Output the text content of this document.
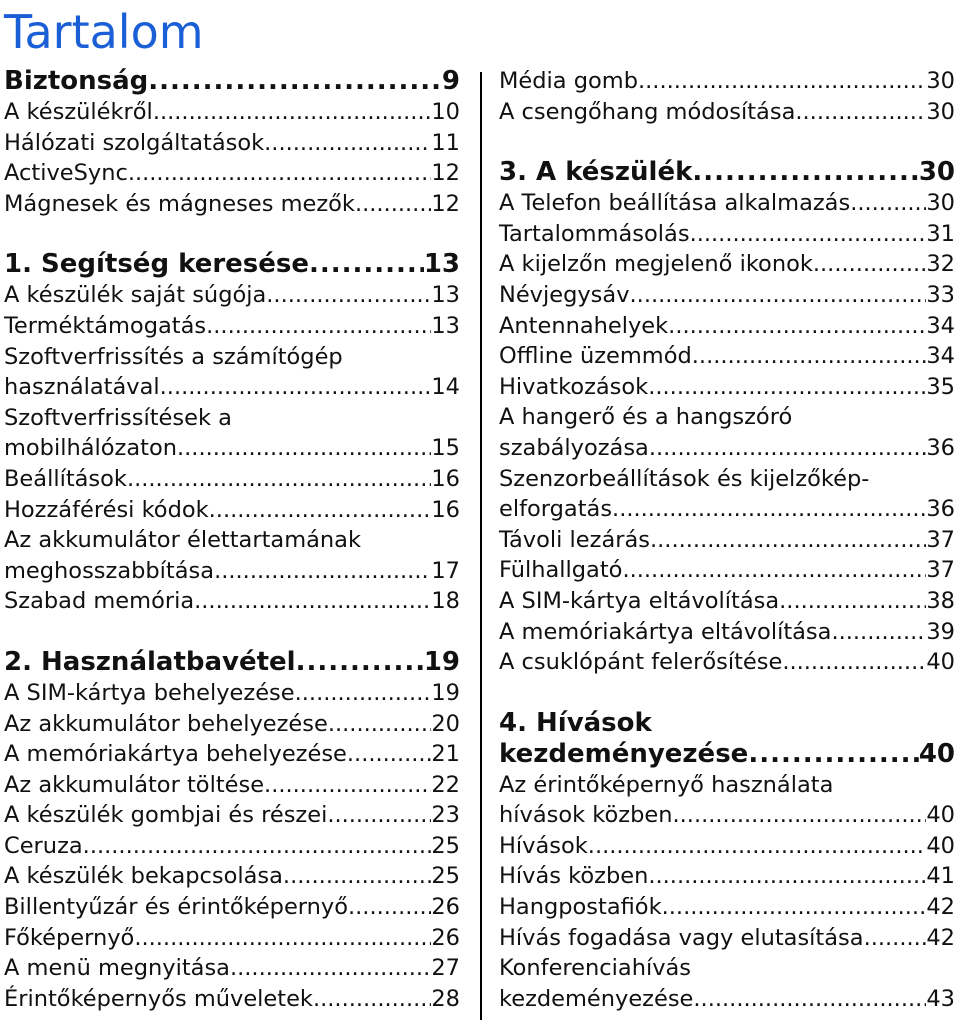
Tartalom
Biztonság .....	9
A készülékről .....	10
Hálózati szolgáltatások .....	11
ActiveSync .....	12
Mágnesek és mágneses mezők .....	12
1. Segítség keresése .....	13
A készülék saját súgója .....	13
Terméktámogatás .....	13
Szoftverfrissítés a számítógép
használatával .....	14
Szoftverfrissítések a
mobilhálózaton .....	15
Beállítások .....	16
Hozzáférési kódok .....	16
Az akkumulátor élettartamának
meghosszabbítása .....	17
Szabad memória .....	18
2. Használatbavétel .....	19
A SIM-kártya behelyezése .....	19
Az akkumulátor behelyezése .....	20
A memóriakártya behelyezése .....	21
Az akkumulátor töltése .....	22
A készülék gombjai és részei .....	23
Ceruza .....	25
A készülék bekapcsolása .....	25
Billentyűzár és érintőképernyő .....	26
Főképernyő .....	26
A menü megnyitása .....	27
Érintőképernyős műveletek .....	28
Média gomb .....	30
A csengőhang módosítása .....	30
3. A készülék .....	30
A Telefon beállítása alkalmazás .....	30
Tartalommásolás .....	31
A kijelzőn megjelenő ikonok .....	32
Névjegysáv .....	33
Antennahelyek .....	34
Offline üzemmód .....	34
Hivatkozások .....	35
A hangerő és a hangszóró
szabályozása .....	36
Szenzorbeállítások és kijelzőkép-
elforgatás .....	36
Távoli lezárás .....	37
Fülhallgató .....	37
A SIM-kártya eltávolítása .....	38
A memóriakártya eltávolítása .....	39
A csuklópánt felerősítése .....	40
4. Hívások
kezdeményezése .....	40
Az érintőképernyő használata
hívások közben .....	40
Hívások .....	40
Hívás közben .....	41
Hangpostafiók .....	42
Hívás fogadása vagy elutasítása .....	42
Konferenciahívás
kezdeményezése .....	43
